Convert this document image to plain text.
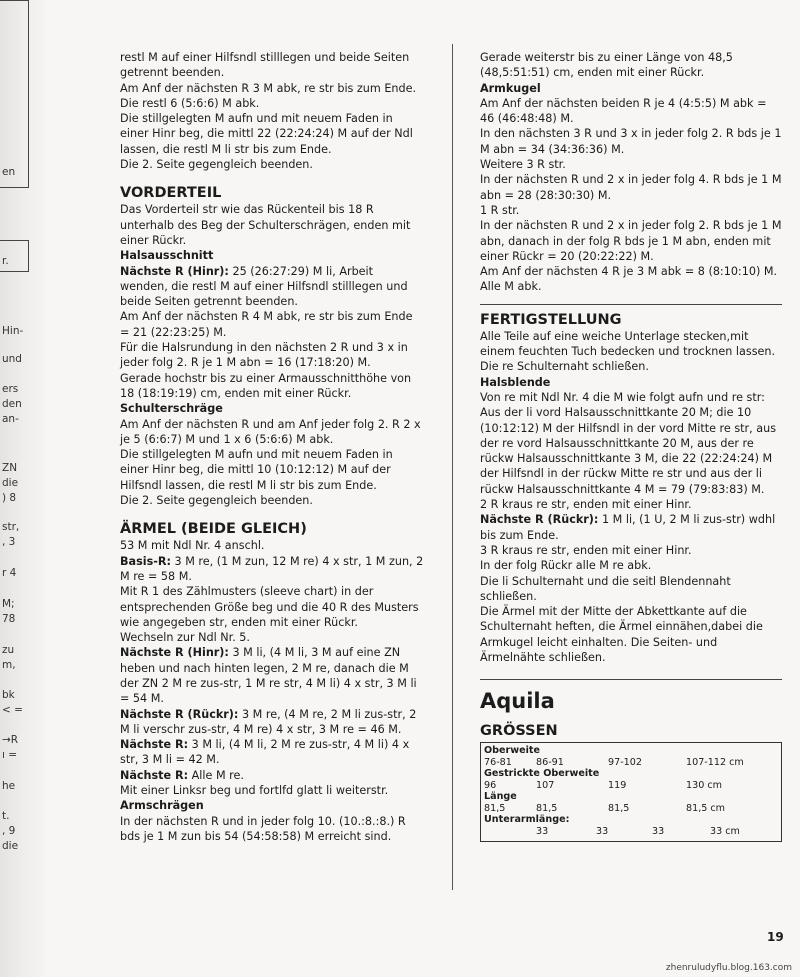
en
r.
Hin-
und
ers
den
an-
ZN
die
) 8
str,
, 3
r 4
M;
78
zu
m,
bk
< =
→R
ı =
he
t.
, 9
die

restl M auf einer Hilfsndl stilllegen und beide Seiten getrennt beenden.

Am Anf der nächsten R 3 M abk, re str bis zum Ende.

Die restl 6 (5:6:6) M abk.

Die stillgelegten M aufn und mit neuem Faden in einer Hinr beg, die mittl 22 (22:24:24) M auf der Ndl lassen, die restl M li str bis zum Ende.

Die 2. Seite gegengleich beenden.

VORDERTEIL

Das Vorderteil str wie das Rückenteil bis 18 R unterhalb des Beg der Schulterschrägen, enden mit einer Rückr.

Halsausschnitt

Nächste R (Hinr): 25 (26:27:29) M li, Arbeit wenden, die restl M auf einer Hilfsndl stilllegen und beide Seiten getrennt beenden.

Am Anf der nächsten R 4 M abk, re str bis zum Ende = 21 (22:23:25) M.

Für die Halsrundung in den nächsten 2 R und 3 x in jeder folg 2. R je 1 M abn = 16 (17:18:20) M.

Gerade hochstr bis zu einer Armausschnitthöhe von 18 (18:19:19) cm, enden mit einer Rückr.

Schulterschräge

Am Anf der nächsten R und am Anf jeder folg 2. R 2 x je 5 (6:6:7) M und 1 x 6 (5:6:6) M abk.

Die stillgelegten M aufn und mit neuem Faden in einer Hinr beg, die mittl 10 (10:12:12) M auf der Hilfsndl lassen, die restl M li str bis zum Ende.

Die 2. Seite gegengleich beenden.

ÄRMEL (BEIDE GLEICH)

53 M mit Ndl Nr. 4 anschl.

Basis-R: 3 M re, (1 M zun, 12 M re) 4 x str, 1 M zun, 2 M re = 58 M.

Mit R 1 des Zählmusters (sleeve chart) in der entsprechenden Größe beg und die 40 R des Musters wie angegeben str, enden mit einer Rückr.

Wechseln zur Ndl Nr. 5.

Nächste R (Hinr): 3 M li, (4 M li, 3 M auf eine ZN heben und nach hinten legen, 2 M re, danach die M der ZN 2 M re zus-str, 1 M re str, 4 M li) 4 x str, 3 M li = 54 M.

Nächste R (Rückr): 3 M re, (4 M re, 2 M li zus-str, 2 M li verschr zus-str, 4 M re) 4 x str, 3 M re = 46 M.

Nächste R: 3 M li, (4 M li, 2 M re zus-str, 4 M li) 4 x str, 3 M li = 42 M.

Nächste R: Alle M re.

Mit einer Linksr beg und fortlfd glatt li weiterstr.

Armschrägen

In der nächsten R und in jeder folg 10. (10.:8.:8.) R bds je 1 M zun bis 54 (54:58:58) M erreicht sind.

Gerade weiterstr bis zu einer Länge von 48,5 (48,5:51:51) cm, enden mit einer Rückr.

Armkugel

Am Anf der nächsten beiden R je 4 (4:5:5) M abk = 46 (46:48:48) M.

In den nächsten 3 R und 3 x in jeder folg 2. R bds je 1 M abn = 34 (34:36:36) M.

Weitere 3 R str.

In der nächsten R und 2 x in jeder folg 4. R bds je 1 M abn = 28 (28:30:30) M.

1 R str.

In der nächsten R und 2 x in jeder folg 2. R bds je 1 M abn, danach in der folg R bds je 1 M abn, enden mit einer Rückr = 20 (20:22:22) M.

Am Anf der nächsten 4 R je 3 M abk = 8 (8:10:10) M.

Alle M abk.

FERTIGSTELLUNG

Alle Teile auf eine weiche Unterlage stecken,mit einem feuchten Tuch bedecken und trocknen lassen.

Die re Schulternaht schließen.

Halsblende

Von re mit Ndl Nr. 4 die M wie folgt aufn und re str: Aus der li vord Halsausschnittkante 20 M; die 10 (10:12:12) M der Hilfsndl in der vord Mitte re str, aus der re vord Halsausschnittkante 20 M, aus der re rückw Halsausschnittkante 3 M, die 22 (22:24:24) M der Hilfsndl in der rückw Mitte re str und aus der li rückw Halsausschnittkante 4 M = 79 (79:83:83) M.

2 R kraus re str, enden mit einer Hinr.

Nächste R (Rückr): 1 M li, (1 U, 2 M li zus-str) wdhl bis zum Ende.

3 R kraus re str, enden mit einer Hinr.

In der folg Rückr alle M re abk.

Die li Schulternaht und die seitl Blendennaht schließen.

Die Ärmel mit der Mitte der Abkettkante auf die Schulternaht heften, die Ärmel einnähen,dabei die Armkugel leicht einhalten. Die Seiten- und Ärmelnähte schließen.

Aquila

GRÖSSEN

Oberweite
76-81	86-91	97-102	107-112 cm
Gestrickte Oberweite
96	107	119	130 cm
Länge
81,5	81,5	81,5	81,5 cm
Unterarmlänge:
33	33	33	33 cm
19
zhenruludyflu.blog.163.com
